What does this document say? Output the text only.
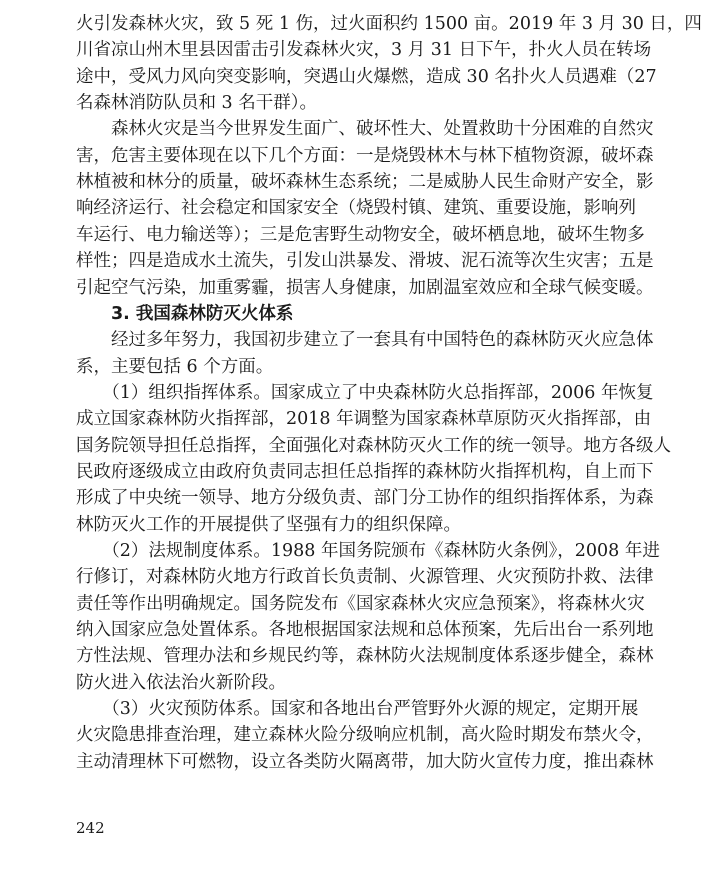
火引发森林火灾，致 5 死 1 伤，过火面积约 1500 亩。2019 年 3 月 30 日，四
川省凉山州木里县因雷击引发森林火灾，3 月 31 日下午，扑火人员在转场
途中，受风力风向突变影响，突遇山火爆燃，造成 30 名扑火人员遇难（27
名森林消防队员和 3 名干群）。
　　森林火灾是当今世界发生面广、破坏性大、处置救助十分困难的自然灾
害，危害主要体现在以下几个方面：一是烧毁林木与林下植物资源，破坏森
林植被和林分的质量，破坏森林生态系统；二是威胁人民生命财产安全，影
响经济运行、社会稳定和国家安全（烧毁村镇、建筑、重要设施，影响列
车运行、电力输送等）；三是危害野生动物安全，破坏栖息地，破坏生物多
样性；四是造成水土流失，引发山洪暴发、滑坡、泥石流等次生灾害；五是
引起空气污染，加重雾霾，损害人身健康，加剧温室效应和全球气候变暖。
　　3. 我国森林防灭火体系
　　经过多年努力，我国初步建立了一套具有中国特色的森林防灭火应急体
系，主要包括 6 个方面。
　　（1）组织指挥体系。国家成立了中央森林防火总指挥部，2006 年恢复
成立国家森林防火指挥部，2018 年调整为国家森林草原防灭火指挥部，由
国务院领导担任总指挥，全面强化对森林防灭火工作的统一领导。地方各级人
民政府逐级成立由政府负责同志担任总指挥的森林防火指挥机构，自上而下
形成了中央统一领导、地方分级负责、部门分工协作的组织指挥体系，为森
林防灭火工作的开展提供了坚强有力的组织保障。
　　（2）法规制度体系。1988 年国务院颁布《森林防火条例》，2008 年进
行修订，对森林防火地方行政首长负责制、火源管理、火灾预防扑救、法律
责任等作出明确规定。国务院发布《国家森林火灾应急预案》，将森林火灾
纳入国家应急处置体系。各地根据国家法规和总体预案，先后出台一系列地
方性法规、管理办法和乡规民约等，森林防火法规制度体系逐步健全，森林
防火进入依法治火新阶段。
　　（3）火灾预防体系。国家和各地出台严管野外火源的规定，定期开展
火灾隐患排查治理，建立森林火险分级响应机制，高火险时期发布禁火令，
主动清理林下可燃物，设立各类防火隔离带，加大防火宣传力度，推出森林
242
